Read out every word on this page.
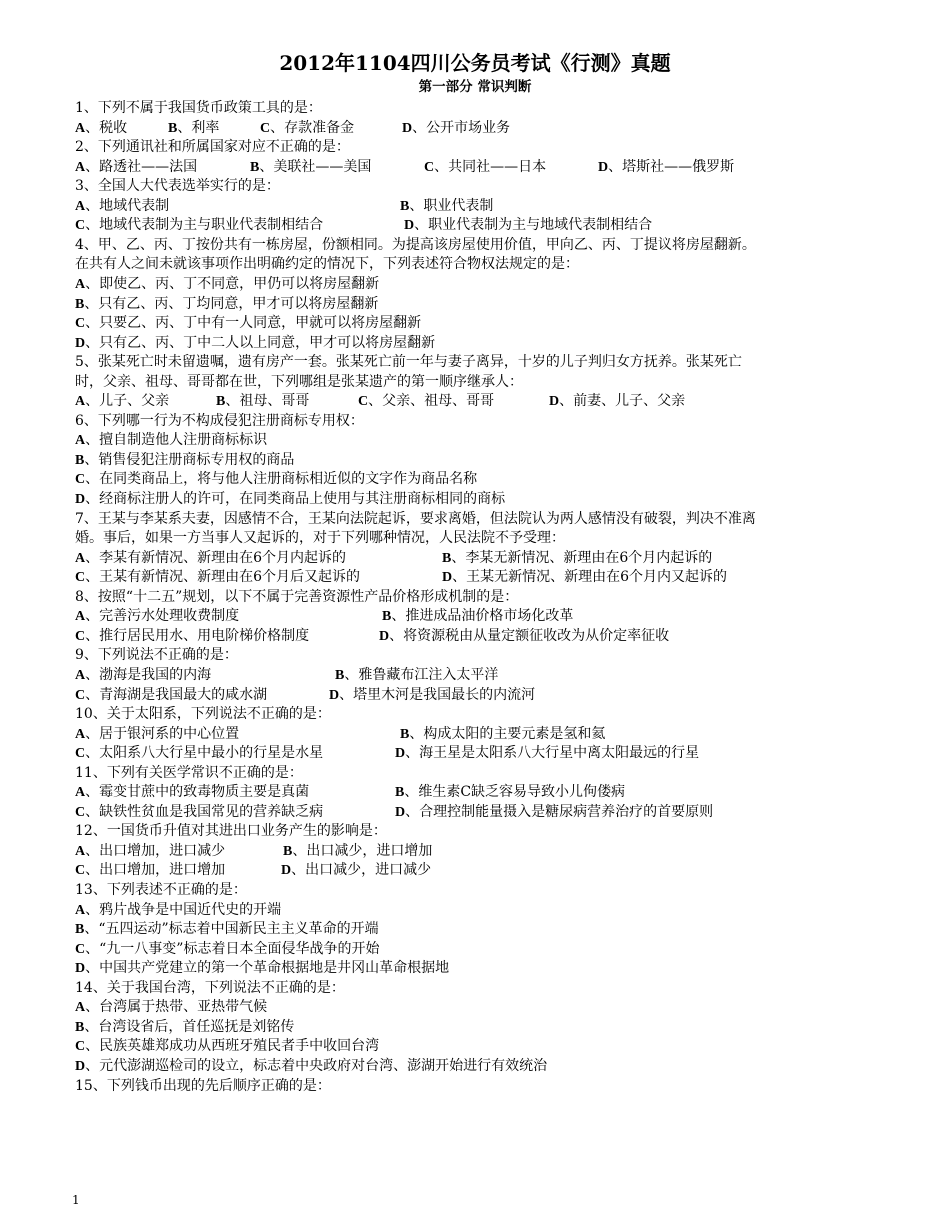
2012年1104四川公务员考试《行测》真题
第一部分 常识判断
1、下列不属于我国货币政策工具的是：
A、税收	B、利率	C、存款准备金	D、公开市场业务
2、下列通讯社和所属国家对应不正确的是：
A、路透社——法国	B、美联社——美国	C、共同社——日本	D、塔斯社——俄罗斯
3、全国人大代表选举实行的是：
A、地域代表制	B、职业代表制
C、地域代表制为主与职业代表制相结合	D、职业代表制为主与地域代表制相结合
4、甲、乙、丙、丁按份共有一栋房屋，份额相同。为提高该房屋使用价值，甲向乙、丙、丁提议将房屋翻新。
在共有人之间未就该事项作出明确约定的情况下，下列表述符合物权法规定的是：
A、即使乙、丙、丁不同意，甲仍可以将房屋翻新
B、只有乙、丙、丁均同意，甲才可以将房屋翻新
C、只要乙、丙、丁中有一人同意，甲就可以将房屋翻新
D、只有乙、丙、丁中二人以上同意，甲才可以将房屋翻新
5、张某死亡时未留遗嘱，遗有房产一套。张某死亡前一年与妻子离异，十岁的儿子判归女方抚养。张某死亡
时，父亲、祖母、哥哥都在世，下列哪组是张某遗产的第一顺序继承人：
A、儿子、父亲	B、祖母、哥哥	C、父亲、祖母、哥哥	D、前妻、儿子、父亲
6、下列哪一行为不构成侵犯注册商标专用权：
A、擅自制造他人注册商标标识
B、销售侵犯注册商标专用权的商品
C、在同类商品上，将与他人注册商标相近似的文字作为商品名称
D、经商标注册人的许可，在同类商品上使用与其注册商标相同的商标
7、王某与李某系夫妻，因感情不合，王某向法院起诉，要求离婚，但法院认为两人感情没有破裂，判决不准离
婚。事后，如果一方当事人又起诉的，对于下列哪种情况，人民法院不予受理：
A、李某有新情况、新理由在6个月内起诉的	B、李某无新情况、新理由在6个月内起诉的
C、王某有新情况、新理由在6个月后又起诉的	D、王某无新情况、新理由在6个月内又起诉的
8、按照“十二五”规划，以下不属于完善资源性产品价格形成机制的是：
A、完善污水处理收费制度	B、推进成品油价格市场化改革
C、推行居民用水、用电阶梯价格制度	D、将资源税由从量定额征收改为从价定率征收
9、下列说法不正确的是：
A、渤海是我国的内海	B、雅鲁藏布江注入太平洋
C、青海湖是我国最大的咸水湖	D、塔里木河是我国最长的内流河
10、关于太阳系，下列说法不正确的是：
A、居于银河系的中心位置	B、构成太阳的主要元素是氢和氦
C、太阳系八大行星中最小的行星是水星	D、海王星是太阳系八大行星中离太阳最远的行星
11、下列有关医学常识不正确的是：
A、霉变甘蔗中的致毒物质主要是真菌	B、维生素C缺乏容易导致小儿佝偻病
C、缺铁性贫血是我国常见的营养缺乏病	D、合理控制能量摄入是糖尿病营养治疗的首要原则
12、一国货币升值对其进出口业务产生的影响是：
A、出口增加，进口减少	B、出口减少，进口增加
C、出口增加，进口增加	D、出口减少，进口减少
13、下列表述不正确的是：
A、鸦片战争是中国近代史的开端
B、“五四运动”标志着中国新民主主义革命的开端
C、“九一八事变”标志着日本全面侵华战争的开始
D、中国共产党建立的第一个革命根据地是井冈山革命根据地
14、关于我国台湾，下列说法不正确的是：
A、台湾属于热带、亚热带气候
B、台湾设省后，首任巡抚是刘铭传
C、民族英雄郑成功从西班牙殖民者手中收回台湾
D、元代澎湖巡检司的设立，标志着中央政府对台湾、澎湖开始进行有效统治
15、下列钱币出现的先后顺序正确的是：
1
